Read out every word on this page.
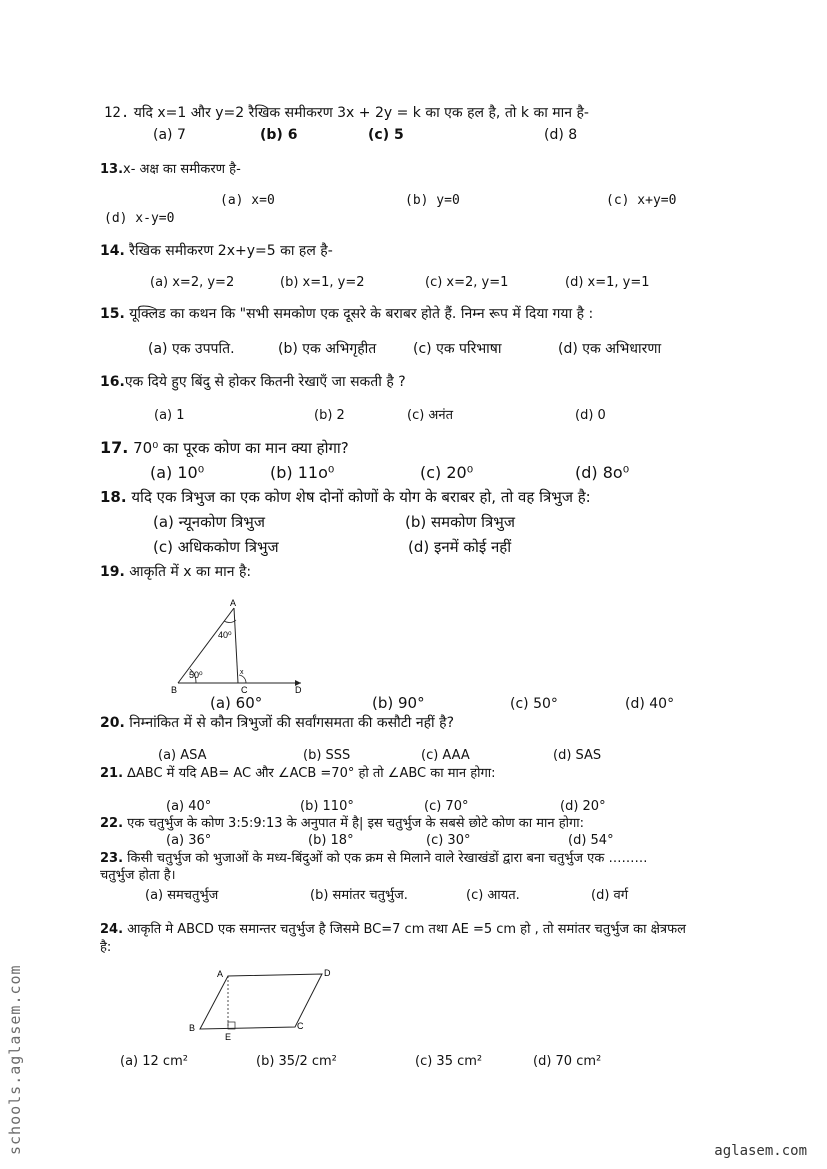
12. यदि x=1 और y=2 रैखिक समीकरण 3x + 2y = k का एक हल है, तो k का मान है-
(a) 7	(b) 6	(c) 5	(d) 8
13.x- अक्ष का समीकरण है-
(a) x=0	(b) y=0	(c) x+y=0
(d) x-y=0
14. रैखिक समीकरण 2x+y=5 का हल है-
(a) x=2, y=2	(b) x=1, y=2	(c) x=2, y=1	(d) x=1, y=1
15. यूक्लिड का कथन कि "सभी समकोण एक दूसरे के बराबर होते हैं. निम्न रूप में दिया गया है :
(a) एक उपपति.	(b) एक अभिगृहीत	(c) एक परिभाषा	(d) एक अभिधारणा
16.एक दिये हुए बिंदु से होकर कितनी रेखाएँ जा सकती है ?
(a) 1	(b) 2	(c) अनंत	(d) 0
17. 70⁰ का पूरक कोण का मान क्या होगा?
(a) 10⁰	(b) 11o⁰	(c) 20⁰	(d) 8o⁰
18. यदि एक त्रिभुज का एक कोण शेष दोनों कोणों के योग के बराबर हो, तो वह त्रिभुज है:
(a) न्यूनकोण त्रिभुज	(b) समकोण त्रिभुज
(c) अधिककोण त्रिभुज	(d) इनमें कोई नहीं
19. आकृति में x का मान है:
A
B	C	D
40⁰
50⁰	x
(a) 60°	(b) 90°	(c) 50°	(d) 40°
20. निम्नांकित में से कौन त्रिभुजों की सर्वांगसमता की कसौटी नहीं है?
(a) ASA	(b) SSS	(c) AAA	(d) SAS
21. ∆ABC में यदि AB= AC और ∠ACB =70° हो तो ∠ABC का मान होगा:
(a) 40°	(b) 110°	(c) 70°	(d) 20°
22. एक चतुर्भुज के कोण 3:5:9:13 के अनुपात में है| इस चतुर्भुज के सबसे छोटे कोण का मान होगा:
(a) 36°	(b) 18°	(c) 30°	(d) 54°
23. किसी चतुर्भुज को भुजाओं के मध्य-बिंदुओं को एक क्रम से मिलाने वाले रेखाखंडों द्वारा बना चतुर्भुज एक ………
चतुर्भुज होता है।
(a) समचतुर्भुज	(b) समांतर चतुर्भुज.	(c) आयत.	(d) वर्ग
24. आकृति मे ABCD एक समान्तर चतुर्भुज है जिसमे BC=7 cm तथा AE =5 cm हो , तो समांतर चतुर्भुज का क्षेत्रफल
है:
A	D
B	C
E
(a) 12 cm²	(b) 35/2 cm²	(c) 35 cm²	(d) 70 cm²
schools.aglasem.com	aglasem.com
